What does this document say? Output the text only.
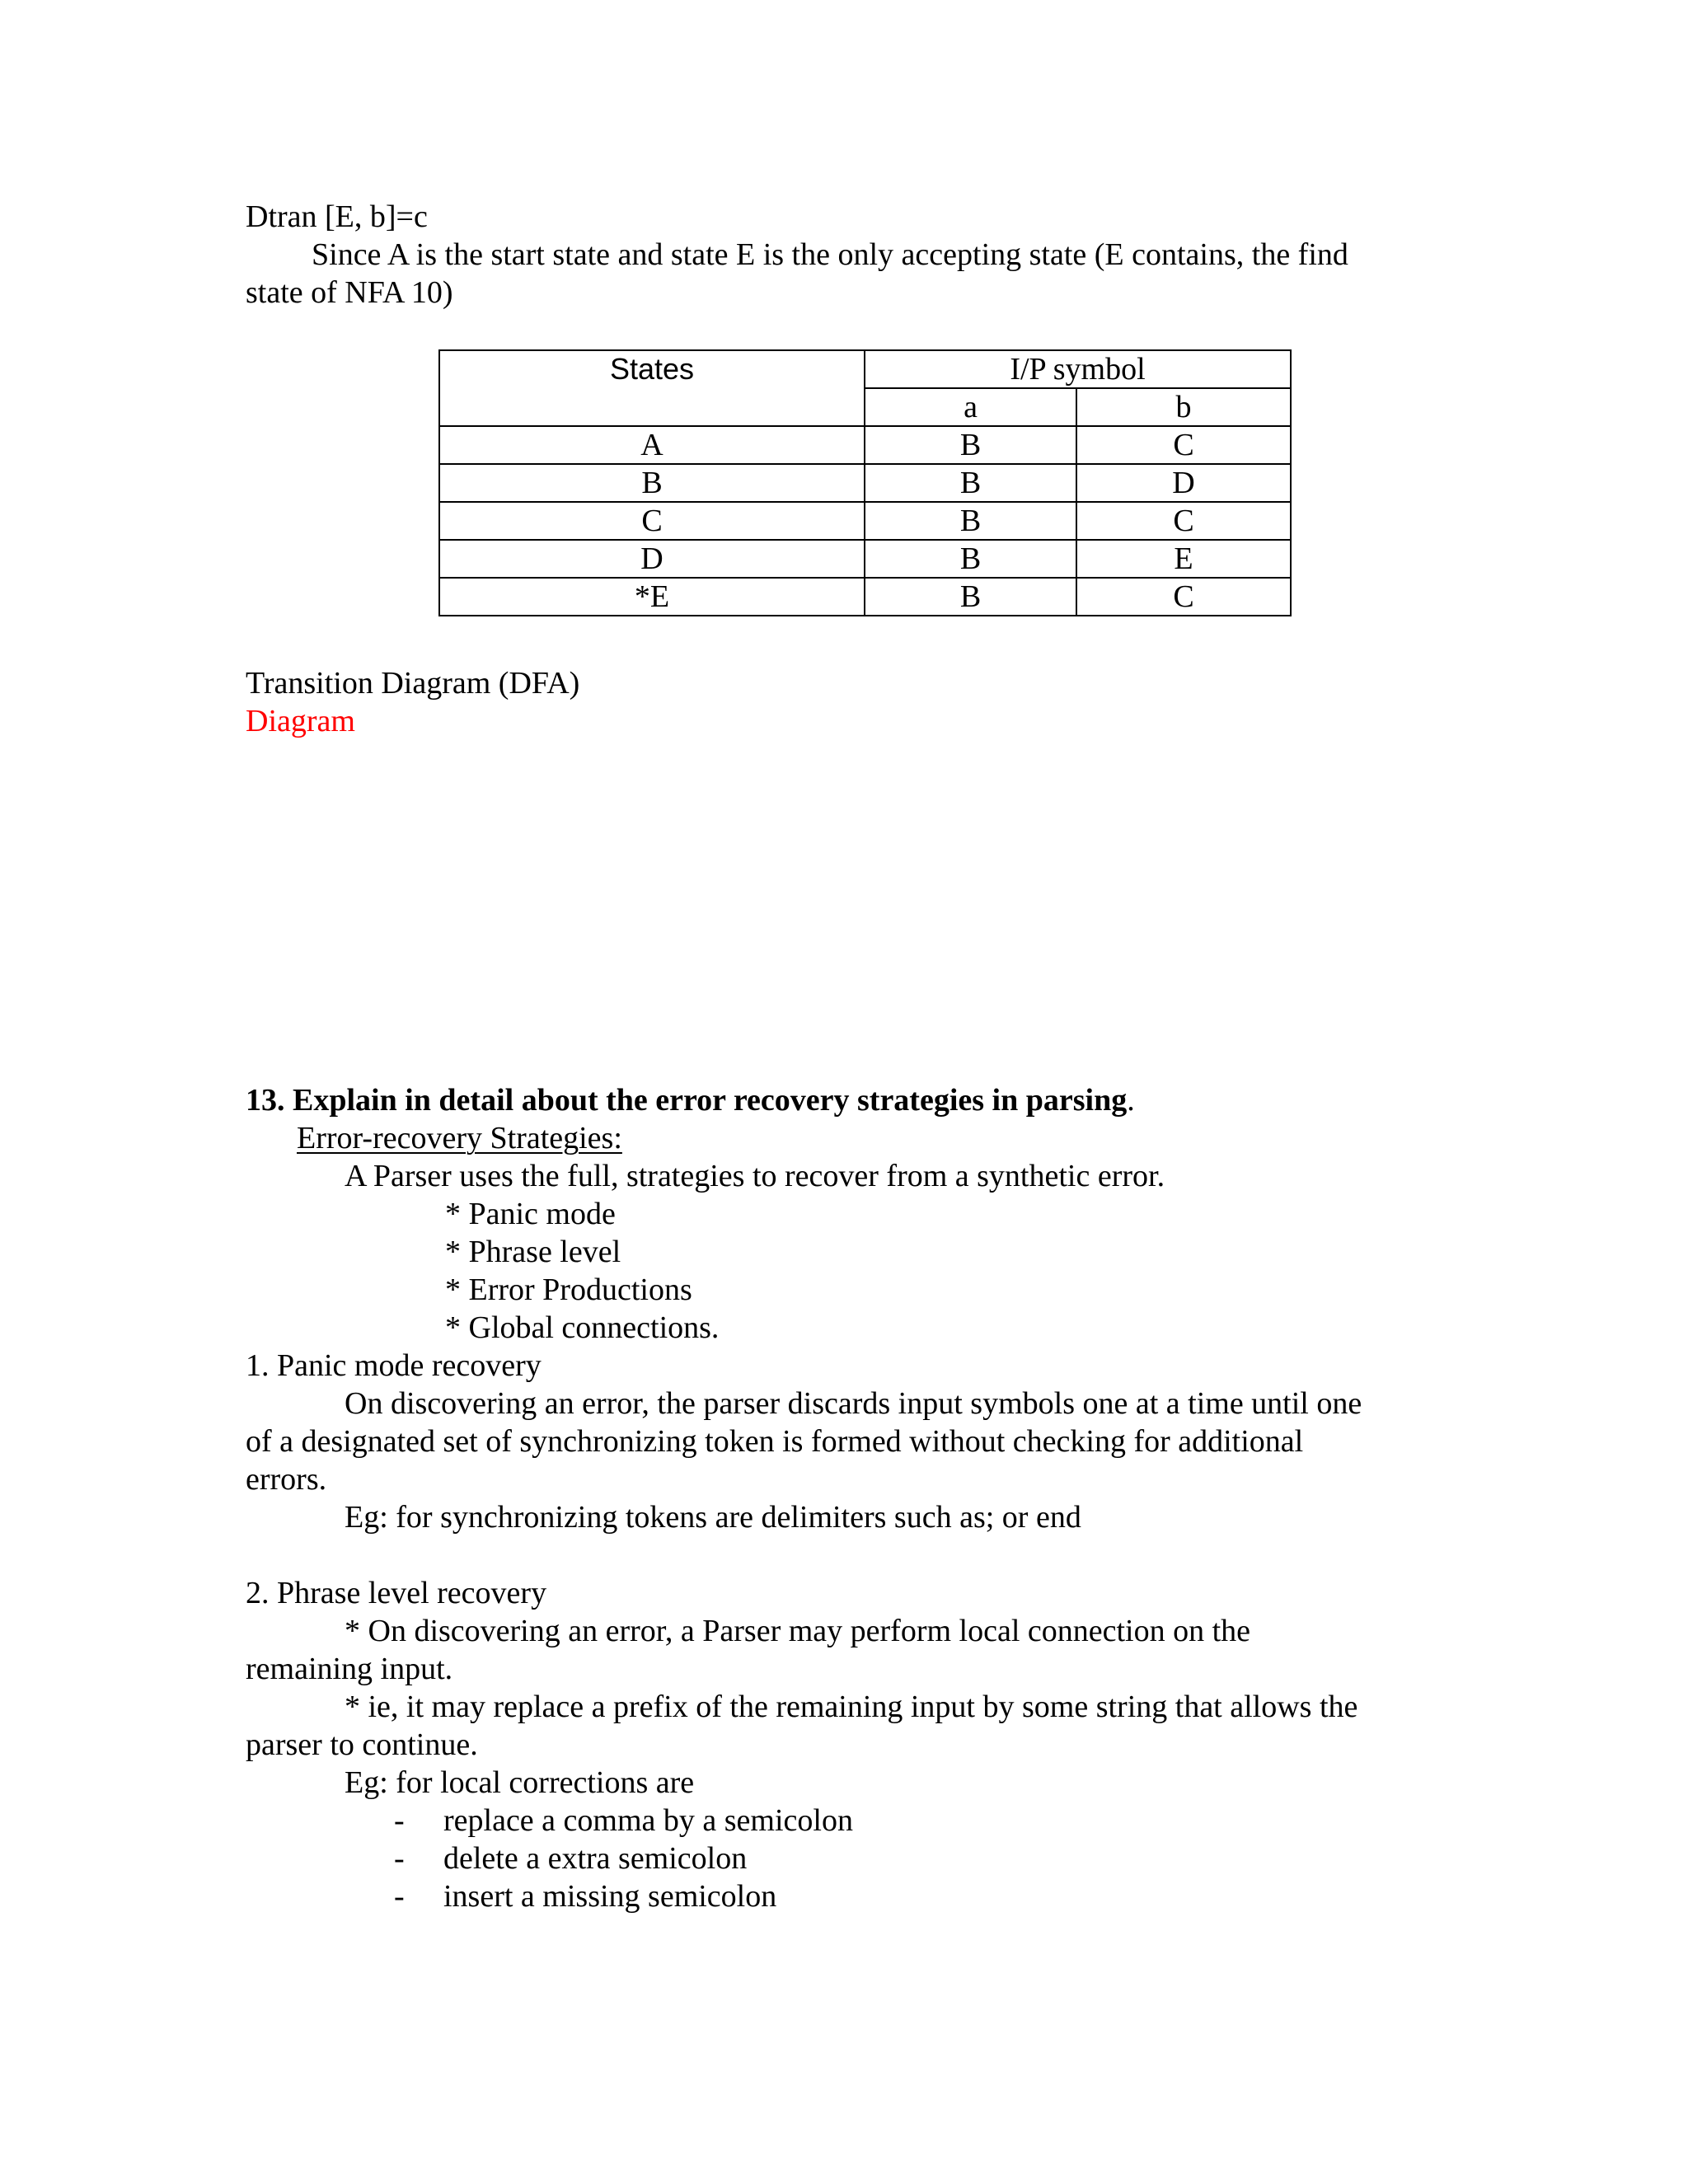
Dtran [E, b]=c

Since A is the start state and state E is the only accepting state (E contains, the find

state of NFA 10)

States	I/P symbol	
	a	b
A	B	C
B	B	D
C	B	C
D	B	E
*E	B	C

Transition Diagram (DFA)

Diagram

13. Explain in detail about the error recovery strategies in parsing.

Error-recovery Strategies:

A Parser uses the full, strategies to recover from a synthetic error.

* Panic mode

* Phrase level

* Error Productions

* Global connections.

1. Panic mode recovery

On discovering an error, the parser discards input symbols one at a time until one

of a designated set of synchronizing token is formed without checking for additional

errors.

Eg: for synchronizing tokens are delimiters such as; or end

2. Phrase level recovery

* On discovering an error, a Parser may perform local connection on the

remaining input.

* ie, it may replace a prefix of the remaining input by some string that allows the

parser to continue.

Eg: for local corrections are

- replace a comma by a semicolon

- delete a extra semicolon

- insert a missing semicolon
